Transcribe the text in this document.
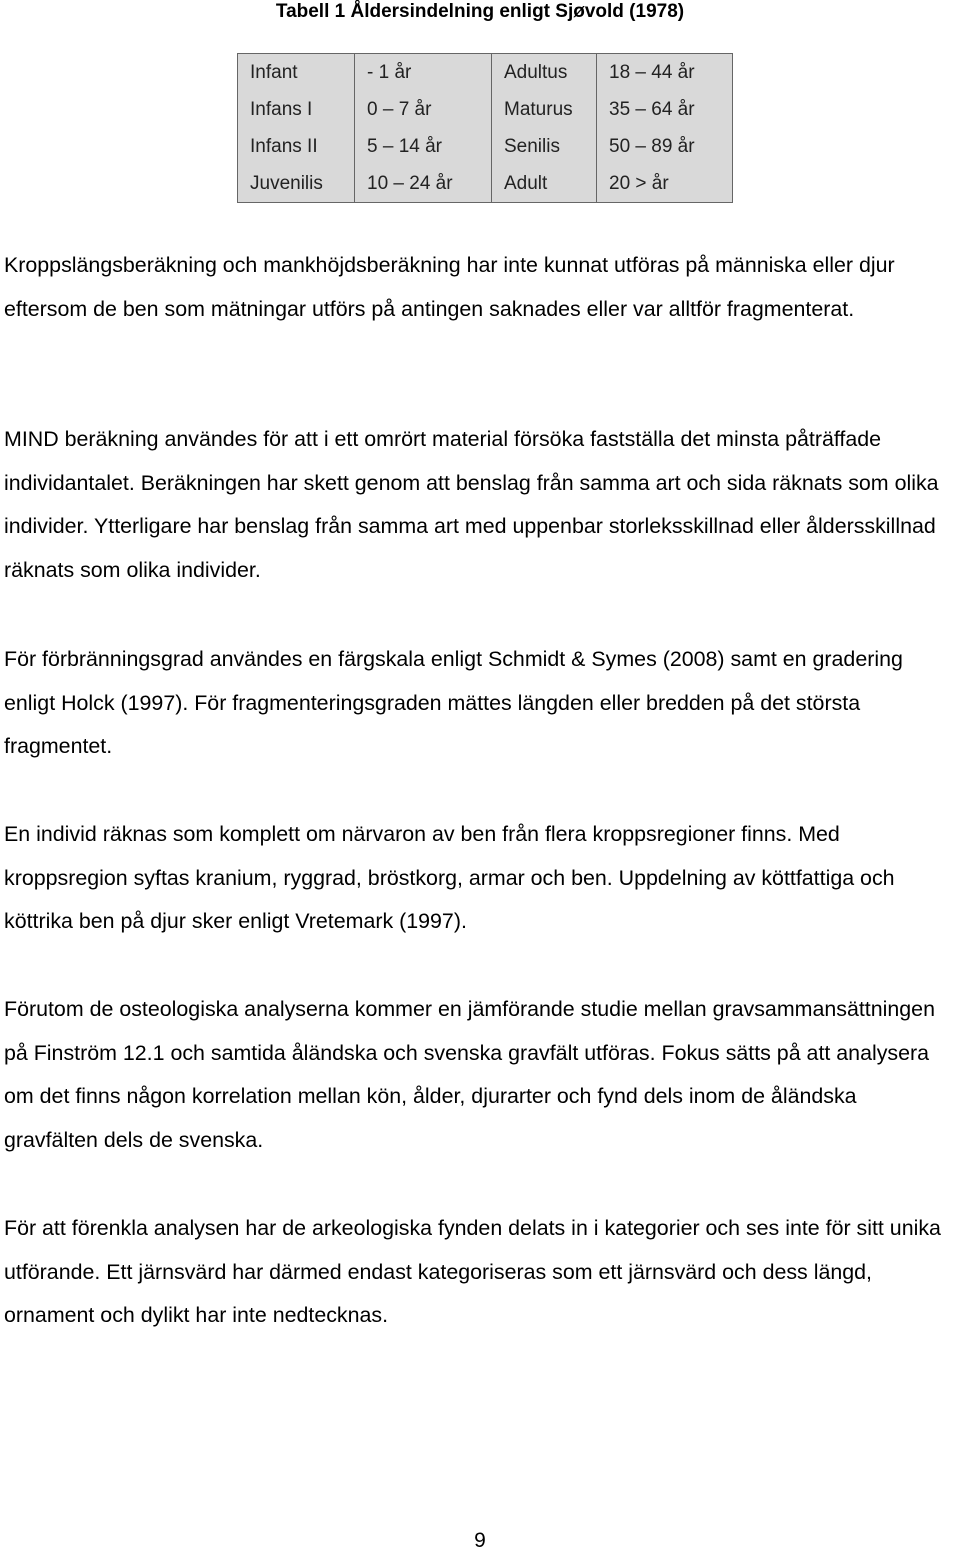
Tabell 1 Åldersindelning enligt Sjøvold (1978)
Infant	- 1 år	Adultus	18 – 44 år
Infans I	0 – 7 år	Maturus	35 – 64 år
Infans II	5 – 14 år	Senilis	50 – 89 år
Juvenilis	10 – 24 år	Adult	20 > år

Kroppslängsberäkning och mankhöjdsberäkning har inte kunnat utföras på människa eller djur eftersom de ben som mätningar utförs på antingen saknades eller var alltför fragmenterat.

MIND beräkning användes för att i ett omrört material försöka fastställa det minsta påträffade individantalet. Beräkningen har skett genom att benslag från samma art och sida räknats som olika individer. Ytterligare har benslag från samma art med uppenbar storleksskillnad eller åldersskillnad räknats som olika individer.

För förbränningsgrad användes en färgskala enligt Schmidt & Symes (2008) samt en gradering enligt Holck (1997). För fragmenteringsgraden mättes längden eller bredden på det största fragmentet.

En individ räknas som komplett om närvaron av ben från flera kroppsregioner finns. Med kroppsregion syftas kranium, ryggrad, bröstkorg, armar och ben. Uppdelning av köttfattiga och köttrika ben på djur sker enligt Vretemark (1997).

Förutom de osteologiska analyserna kommer en jämförande studie mellan gravsammansättningen på Finström 12.1 och samtida åländska och svenska gravfält utföras. Fokus sätts på att analysera om det finns någon korrelation mellan kön, ålder, djurarter och fynd dels inom de åländska gravfälten dels de svenska.

För att förenkla analysen har de arkeologiska fynden delats in i kategorier och ses inte för sitt unika utförande. Ett järnsvärd har därmed endast kategoriseras som ett järnsvärd och dess längd, ornament och dylikt har inte nedtecknas.

9
